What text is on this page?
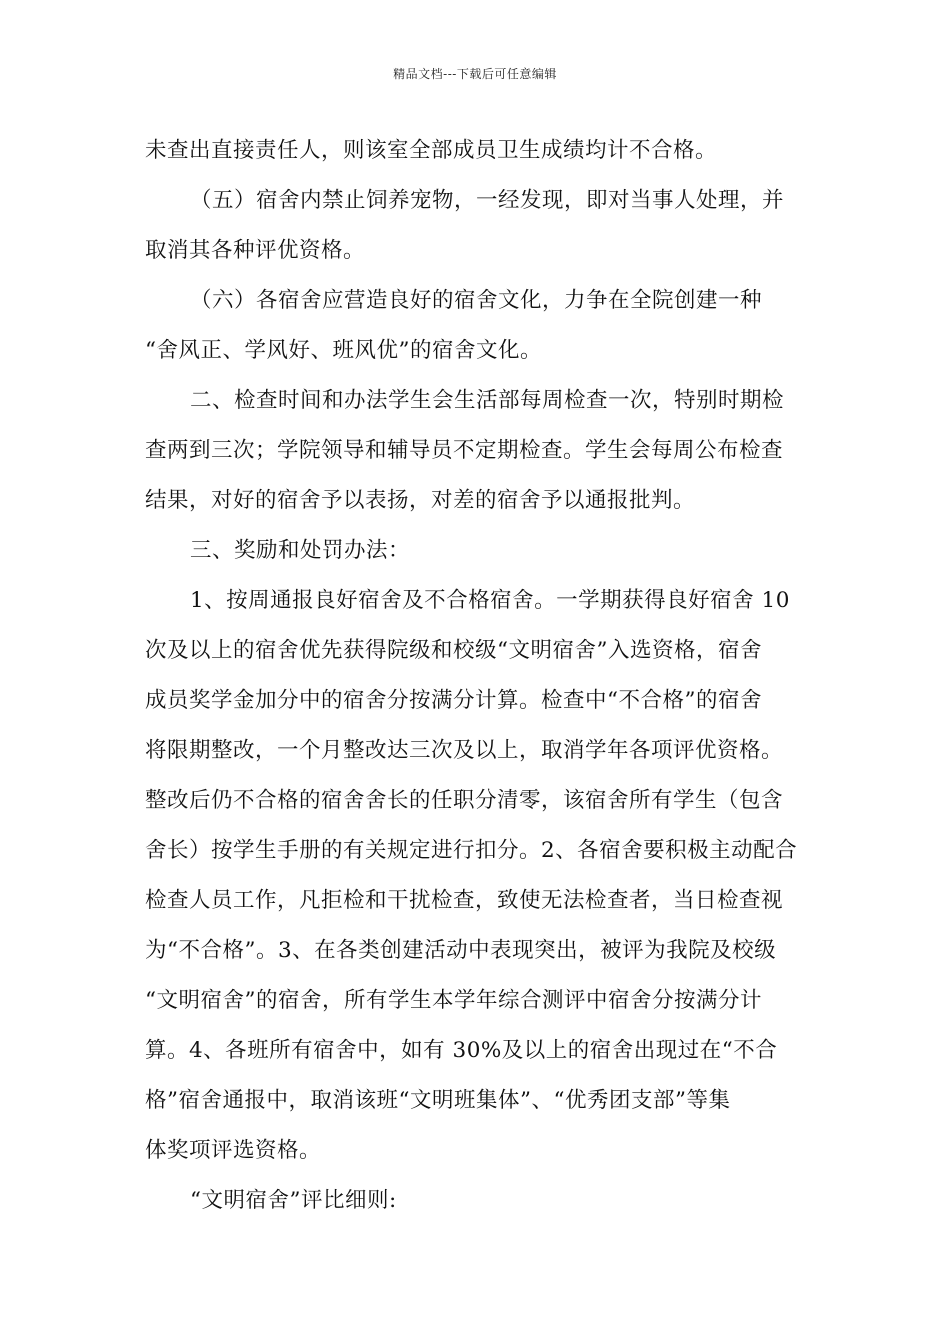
精品文档---下载后可任意编辑
未查出直接责任人，则该室全部成员卫生成绩均计不合格。
（五）宿舍内禁止饲养宠物，一经发现，即对当事人处理，并
取消其各种评优资格。
（六）各宿舍应营造良好的宿舍文化，力争在全院创建一种
“舍风正、学风好、班风优”的宿舍文化。
二、检查时间和办法学生会生活部每周检查一次，特别时期检
查两到三次；学院领导和辅导员不定期检查。学生会每周公布检查
结果，对好的宿舍予以表扬，对差的宿舍予以通报批判。
三、奖励和处罚办法：
1、按周通报良好宿舍及不合格宿舍。一学期获得良好宿舍 10
次及以上的宿舍优先获得院级和校级“文明宿舍”入选资格，宿舍
成员奖学金加分中的宿舍分按满分计算。检查中“不合格”的宿舍
将限期整改，一个月整改达三次及以上，取消学年各项评优资格。
整改后仍不合格的宿舍舍长的任职分清零，该宿舍所有学生（包含
舍长）按学生手册的有关规定进行扣分。2、各宿舍要积极主动配合
检查人员工作，凡拒检和干扰检查，致使无法检查者，当日检查视
为“不合格”。3、在各类创建活动中表现突出，被评为我院及校级
“文明宿舍”的宿舍，所有学生本学年综合测评中宿舍分按满分计
算。4、各班所有宿舍中，如有 30%及以上的宿舍出现过在“不合
格”宿舍通报中，取消该班“文明班集体”、“优秀团支部”等集
体奖项评选资格。
“文明宿舍”评比细则:
